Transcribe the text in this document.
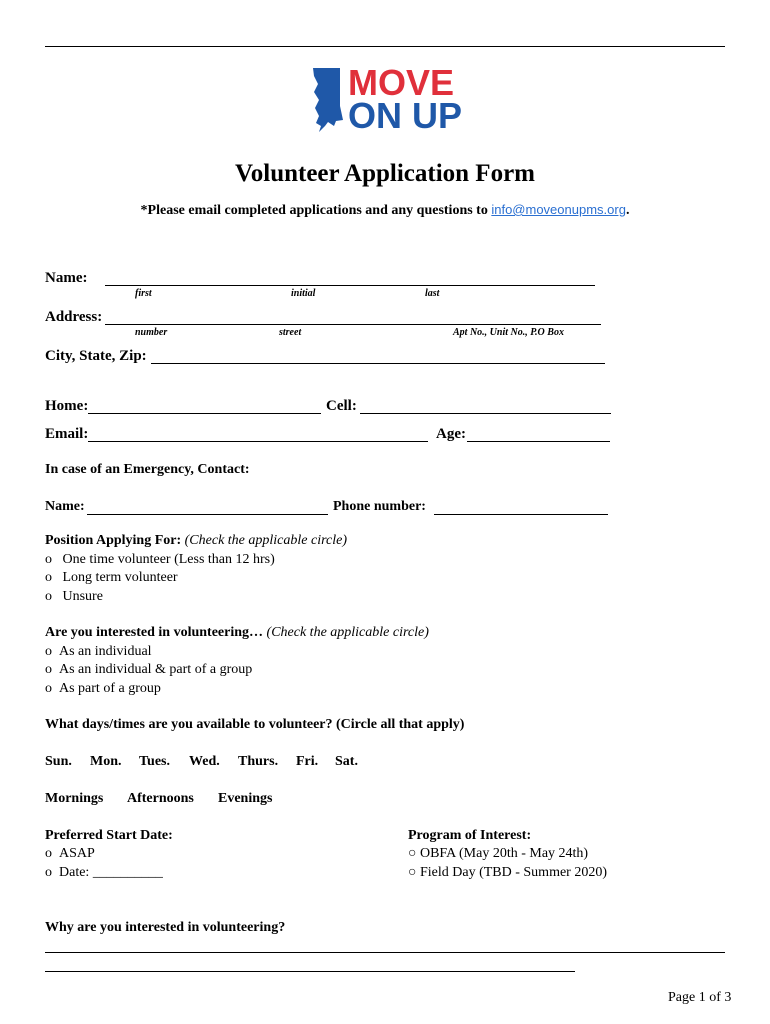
MOVE
ON UP
Volunteer Application Form
*Please email completed applications and any questions to info@moveonupms.org.
Name:
first	initial	last
Address:
number	street	Apt No., Unit No., P.O Box
City, State, Zip:
Home:	Cell:
Email:	Age:
In case of an Emergency, Contact:
Name:	Phone number:
Position Applying For: (Check the applicable circle)
o One time volunteer (Less than 12 hrs)
o Long term volunteer
o Unsure
Are you interested in volunteering… (Check the applicable circle)
o As an individual
o As an individual & part of a group
o As part of a group
What days/times are you available to volunteer? (Circle all that apply)
Sun. Mon. Tues. Wed. Thurs. Fri. Sat.
Mornings Afternoons Evenings
Preferred Start Date:
o ASAP
o Date: __________
Program of Interest:
○ OBFA (May 20th - May 24th)
○ Field Day (TBD - Summer 2020)
Why are you interested in volunteering?
Page 1 of 3
